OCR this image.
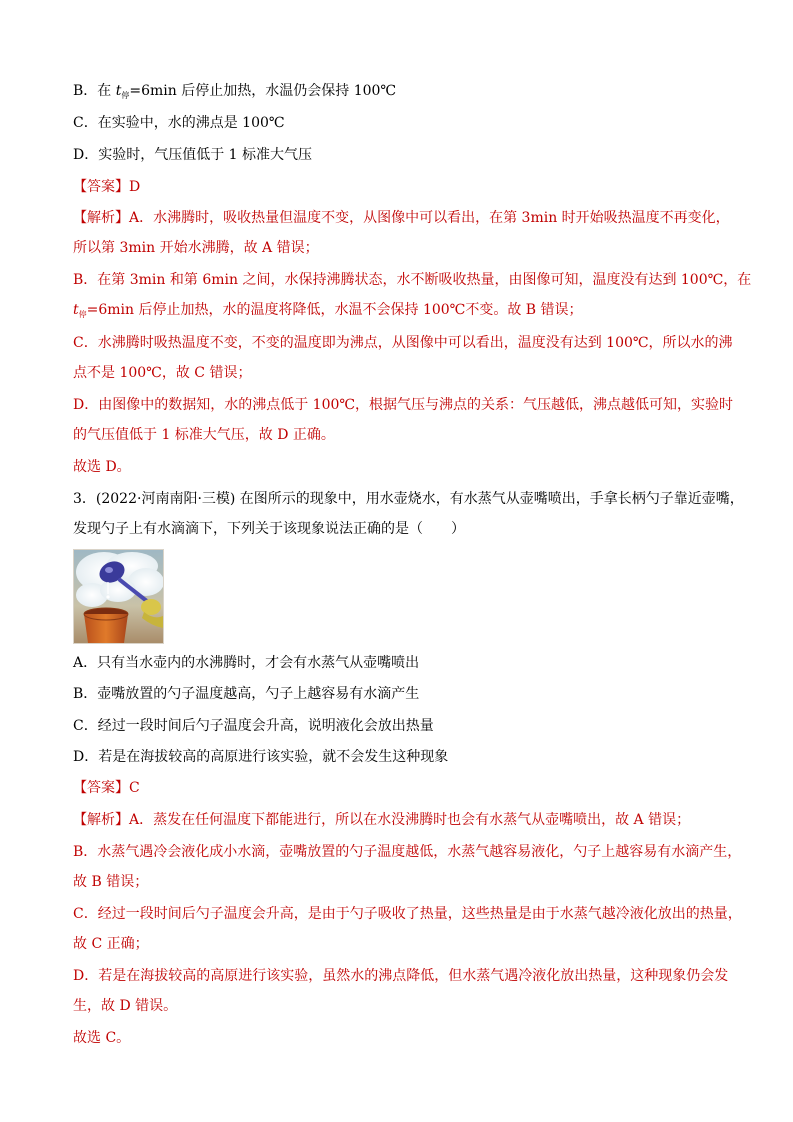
B．在 $t_停=6\min$ 后停止加热，水温仍会保持 100℃
C．在实验中，水的沸点是 100℃
D．实验时，气压值低于 1 标准大气压
【答案】D
【解析】A．水沸腾时，吸收热量但温度不变，从图像中可以看出，在第 3min 时开始吸热温度不再变化，
所以第 3min 开始水沸腾，故 A 错误；
B．在第 3min 和第 6min 之间，水保持沸腾状态，水不断吸收热量，由图像可知，温度没有达到 100℃，在
$t_停=6\min$ 后停止加热，水的温度将降低，水温不会保持 100℃不变。故 B 错误；
C．水沸腾时吸热温度不变，不变的温度即为沸点，从图像中可以看出，温度没有达到 100℃，所以水的沸
点不是 100℃，故 C 错误；
D．由图像中的数据知，水的沸点低于 100℃，根据气压与沸点的关系：气压越低，沸点越低可知，实验时
的气压值低于 1 标准大气压，故 D 正确。
故选 D。
3．(2022·河南南阳·三模) 在图所示的现象中，用水壶烧水，有水蒸气从壶嘴喷出，手拿长柄勺子靠近壶嘴，
发现勺子上有水滴滴下，下列关于该现象说法正确的是（　　）
A．只有当水壶内的水沸腾时，才会有水蒸气从壶嘴喷出
B．壶嘴放置的勺子温度越高，勺子上越容易有水滴产生
C．经过一段时间后勺子温度会升高，说明液化会放出热量
D．若是在海拔较高的高原进行该实验，就不会发生这种现象
【答案】C
【解析】A．蒸发在任何温度下都能进行，所以在水没沸腾时也会有水蒸气从壶嘴喷出，故 A 错误；
B．水蒸气遇冷会液化成小水滴，壶嘴放置的勺子温度越低，水蒸气越容易液化，勺子上越容易有水滴产生，
故 B 错误；
C．经过一段时间后勺子温度会升高，是由于勺子吸收了热量，这些热量是由于水蒸气越冷液化放出的热量，
故 C 正确；
D．若是在海拔较高的高原进行该实验，虽然水的沸点降低，但水蒸气遇冷液化放出热量，这种现象仍会发
生，故 D 错误。
故选 C。
